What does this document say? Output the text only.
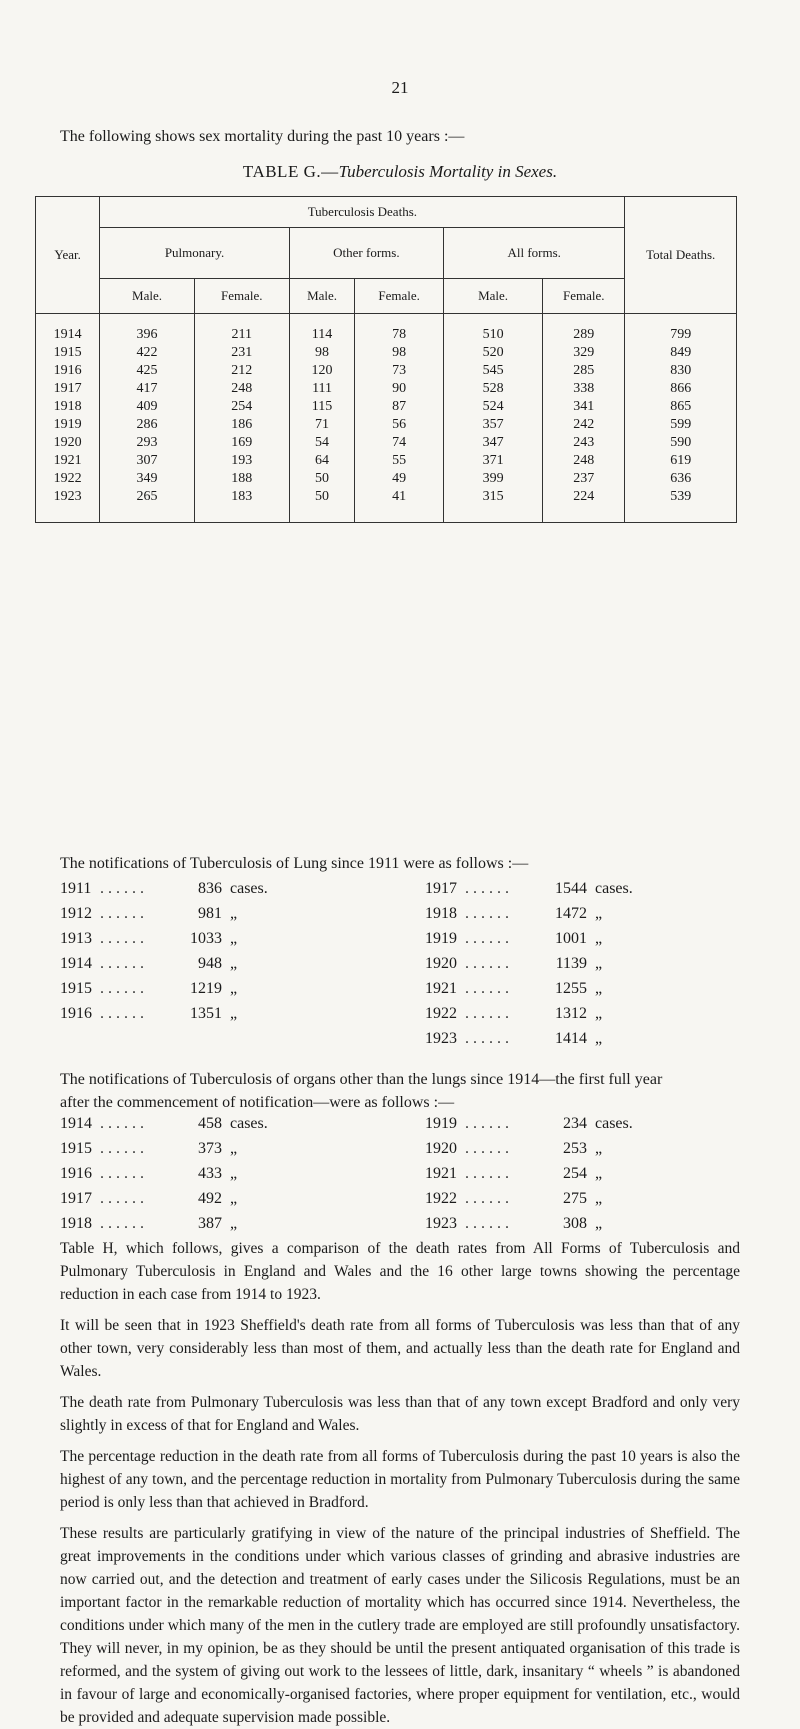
21
The following shows sex mortality during the past 10 years :—
TABLE G.—Tuberculosis Mortality in Sexes.
Year.	Tuberculosis Deaths.						Total Deaths.
	Pulmonary.		Other forms.		All forms.		
	Male.	Female.	Male.	Female.	Male.	Female.	
1914	396	211	114	78	510	289	799
1915	422	231	98	98	520	329	849
1916	425	212	120	73	545	285	830
1917	417	248	111	90	528	338	866
1918	409	254	115	87	524	341	865
1919	286	186	71	56	357	242	599
1920	293	169	54	74	347	243	590
1921	307	193	64	55	371	248	619
1922	349	188	50	49	399	237	636
1923	265	183	50	41	315	224	539
The notifications of Tuberculosis of Lung since 1911 were as follows :—
1911 . . . . . .	836 cases.
1912 . . . . . .	981 „
1913 . . . . . .	1033 „
1914 . . . . . .	948 „
1915 . . . . . .	1219 „
1916 . . . . . .	1351 „
1917 . . . . . .	1544 cases.
1918 . . . . . .	1472 „
1919 . . . . . .	1001 „
1920 . . . . . .	1139 „
1921 . . . . . .	1255 „
1922 . . . . . .	1312 „
1923 . . . . . .	1414 „
The notifications of Tuberculosis of organs other than the lungs since 1914—the first full year
after the commencement of notification—were as follows :—
1914 . . . . . .	458 cases.
1915 . . . . . .	373 „
1916 . . . . . .	433 „
1917 . . . . . .	492 „
1918 . . . . . .	387 „
1919 . . . . . .	234 cases.
1920 . . . . . .	253 „
1921 . . . . . .	254 „
1922 . . . . . .	275 „
1923 . . . . . .	308 „
Table H, which follows, gives a comparison of the death rates from All Forms of Tuberculosis and Pulmonary Tuberculosis in England and Wales and the 16 other large towns showing the percentage reduction in each case from 1914 to 1923.
It will be seen that in 1923 Sheffield's death rate from all forms of Tuberculosis was less than that of any other town, very considerably less than most of them, and actually less than the death rate for England and Wales.
The death rate from Pulmonary Tuberculosis was less than that of any town except Bradford and only very slightly in excess of that for England and Wales.
The percentage reduction in the death rate from all forms of Tuberculosis during the past 10 years is also the highest of any town, and the percentage reduction in mortality from Pulmonary Tuberculosis during the same period is only less than that achieved in Bradford.
These results are particularly gratifying in view of the nature of the principal industries of Sheffield. The great improvements in the conditions under which various classes of grinding and abrasive industries are now carried out, and the detection and treatment of early cases under the Silicosis Regulations, must be an important factor in the remarkable reduction of mortality which has occurred since 1914. Nevertheless, the conditions under which many of the men in the cutlery trade are employed are still profoundly unsatisfactory. They will never, in my opinion, be as they should be until the present antiquated organisation of this trade is reformed, and the system of giving out work to the lessees of little, dark, insanitary “ wheels ” is abandoned in favour of large and economically-organised factories, where proper equipment for ventilation, etc., would be provided and adequate supervision made possible.
